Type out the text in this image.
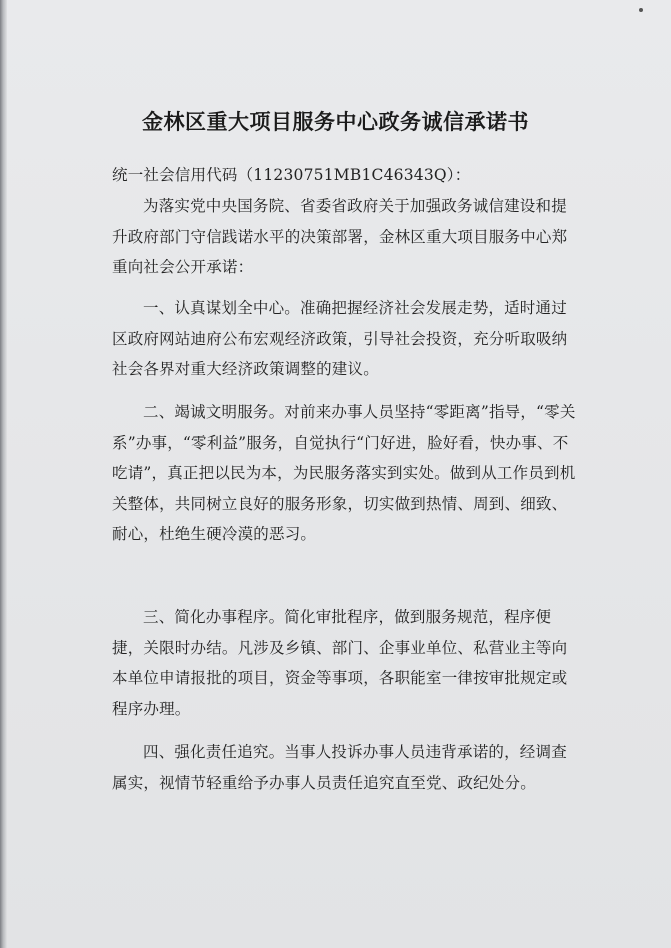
金林区重大项目服务中心政务诚信承诺书

统一社会信用代码（11230751MB1C46343Q）：

为落实党中央国务院、省委省政府关于加强政务诚信建设和提升政府部门守信践诺水平的决策部署，金林区重大项目服务中心郑重向社会公开承诺：

一、认真谋划全中心。准确把握经济社会发展走势，适时通过区政府网站迪府公布宏观经济政策，引导社会投资，充分听取吸纳社会各界对重大经济政策调整的建议。

二、竭诚文明服务。对前来办事人员坚持“零距离”指导，“零关系”办事，“零利益”服务，自觉执行“门好进，脸好看，快办事、不吃请”，真正把以民为本，为民服务落实到实处。做到从工作员到机关整体，共同树立良好的服务形象，切实做到热情、周到、细致、耐心，杜绝生硬冷漠的恶习。

三、简化办事程序。简化审批程序，做到服务规范，程序便捷，关限时办结。凡涉及乡镇、部门、企事业单位、私营业主等向本单位申请报批的项目，资金等事项，各职能室一律按审批规定或程序办理。

四、强化责任追究。当事人投诉办事人员违背承诺的，经调查属实，视情节轻重给予办事人员责任追究直至党、政纪处分。
